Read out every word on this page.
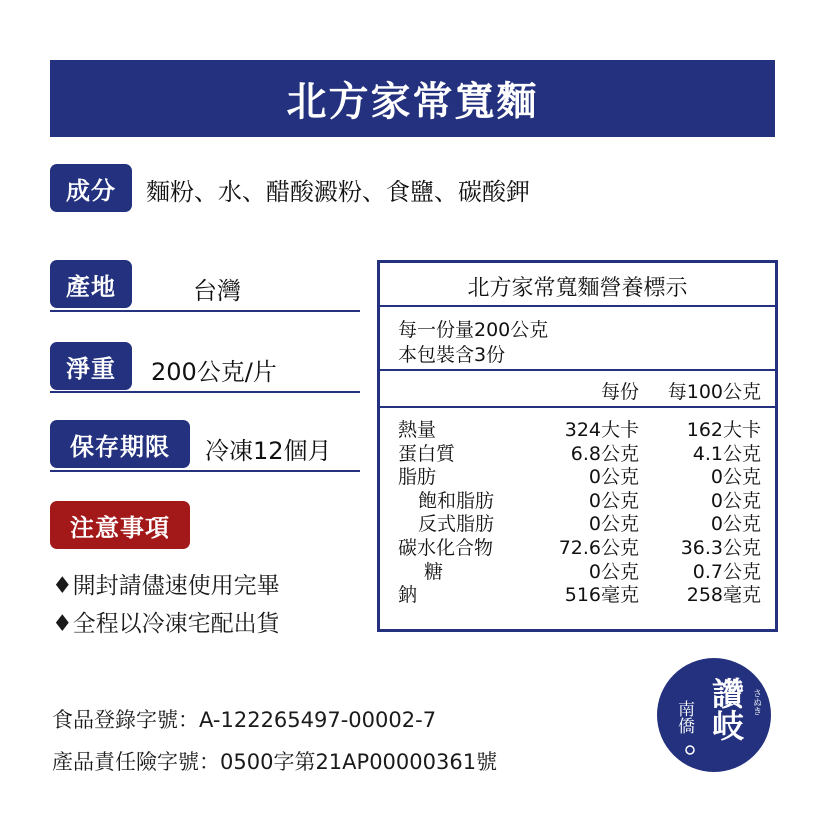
北方家常寬麵
成分	麵粉、水、醋酸澱粉、食鹽、碳酸鉀
產地	台灣
淨重	200公克/片
保存期限	冷凍12個月
注意事項
♦開封請儘速使用完畢
♦全程以冷凍宅配出貨
北方家常寬麵營養標示
每一份量200公克
本包裝含3份
每份 每100公克
熱量	324大卡	162大卡
蛋白質	6.8公克	4.1公克
脂肪	0公克	0公克
飽和脂肪	0公克	0公克
反式脂肪	0公克	0公克
碳水化合物	72.6公克 36.3公克
糖	0公克	0.7公克
鈉	516毫克	258毫克
食品登錄字號：A-122265497-00002-7
產品責任險字號：0500字第21AP00000361號
讚岐
南僑	さぬき
